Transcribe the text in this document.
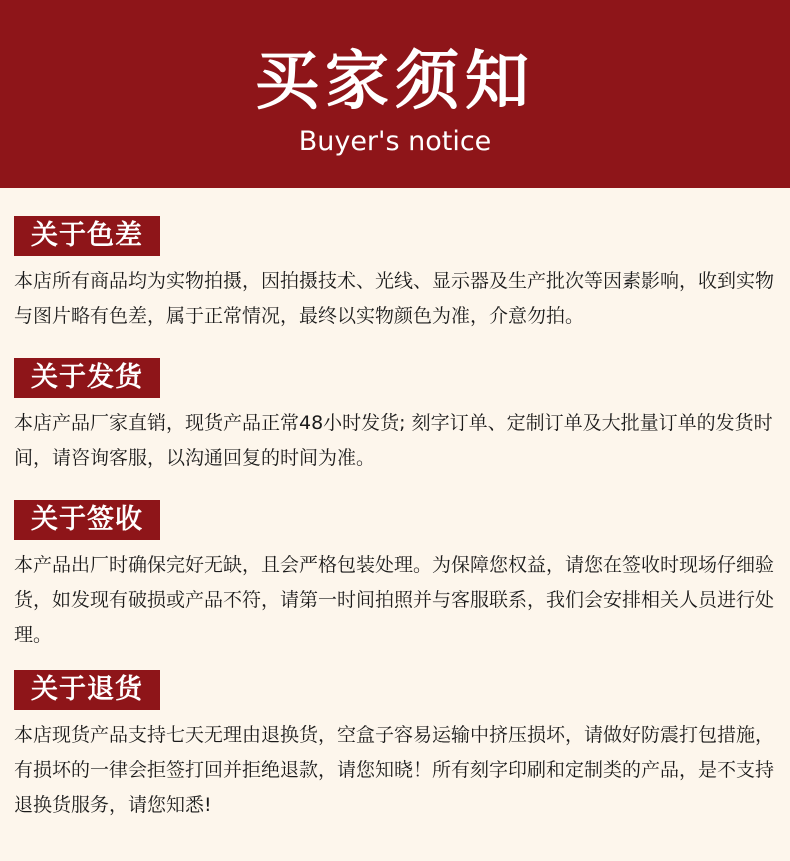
买家须知
Buyer's notice
关于色差

本店所有商品均为实物拍摄，因拍摄技术、光线、显示器及生产批次等因素影响，收到实物与图片略有色差，属于正常情况，最终以实物颜色为准，介意勿拍。

关于发货

本店产品厂家直销，现货产品正常48小时发货; 刻字订单、定制订单及大批量订单的发货时间，请咨询客服，以沟通回复的时间为准。

关于签收

本产品出厂时确保完好无缺，且会严格包装处理。为保障您权益，请您在签收时现场仔细验货，如发现有破损或产品不符，请第一时间拍照并与客服联系，我们会安排相关人员进行处理。

关于退货

本店现货产品支持七天无理由退换货，空盒子容易运输中挤压损坏，请做好防震打包措施，有损坏的一律会拒签打回并拒绝退款，请您知晓！所有刻字印刷和定制类的产品，是不支持退换货服务，请您知悉!
